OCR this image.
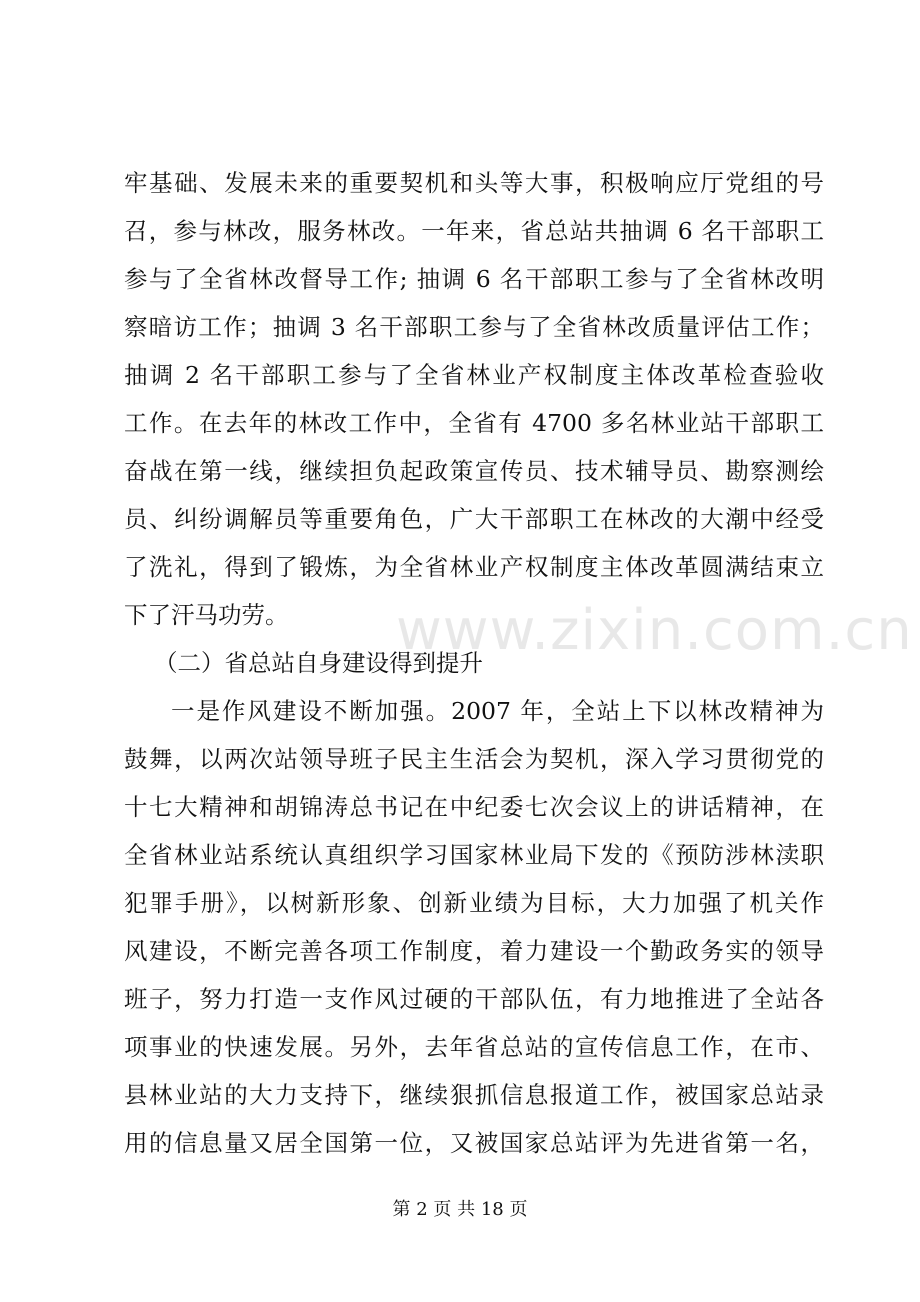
牢基础、发展未来的重要契机和头等大事，积极响应厅党组的号
召，参与林改，服务林改。一年来，省总站共抽调 6 名干部职工
参与了全省林改督导工作; 抽调 6 名干部职工参与了全省林改明
察暗访工作；抽调 3 名干部职工参与了全省林改质量评估工作；
抽调 2 名干部职工参与了全省林业产权制度主体改革检查验收
工作。在去年的林改工作中，全省有 4700 多名林业站干部职工
奋战在第一线，继续担负起政策宣传员、技术辅导员、勘察测绘
员、纠纷调解员等重要角色，广大干部职工在林改的大潮中经受
了洗礼，得到了锻炼，为全省林业产权制度主体改革圆满结束立
下了汗马功劳。
（二）省总站自身建设得到提升
一是作风建设不断加强。2007 年，全站上下以林改精神为
鼓舞，以两次站领导班子民主生活会为契机，深入学习贯彻党的
十七大精神和胡锦涛总书记在中纪委七次会议上的讲话精神，在
全省林业站系统认真组织学习国家林业局下发的《预防涉林渎职
犯罪手册》，以树新形象、创新业绩为目标，大力加强了机关作
风建设，不断完善各项工作制度，着力建设一个勤政务实的领导
班子，努力打造一支作风过硬的干部队伍，有力地推进了全站各
项事业的快速发展。另外，去年省总站的宣传信息工作，在市、
县林业站的大力支持下，继续狠抓信息报道工作，被国家总站录
用的信息量又居全国第一位，又被国家总站评为先进省第一名，
www.zixin.com.cn
第 2 页 共 18 页
